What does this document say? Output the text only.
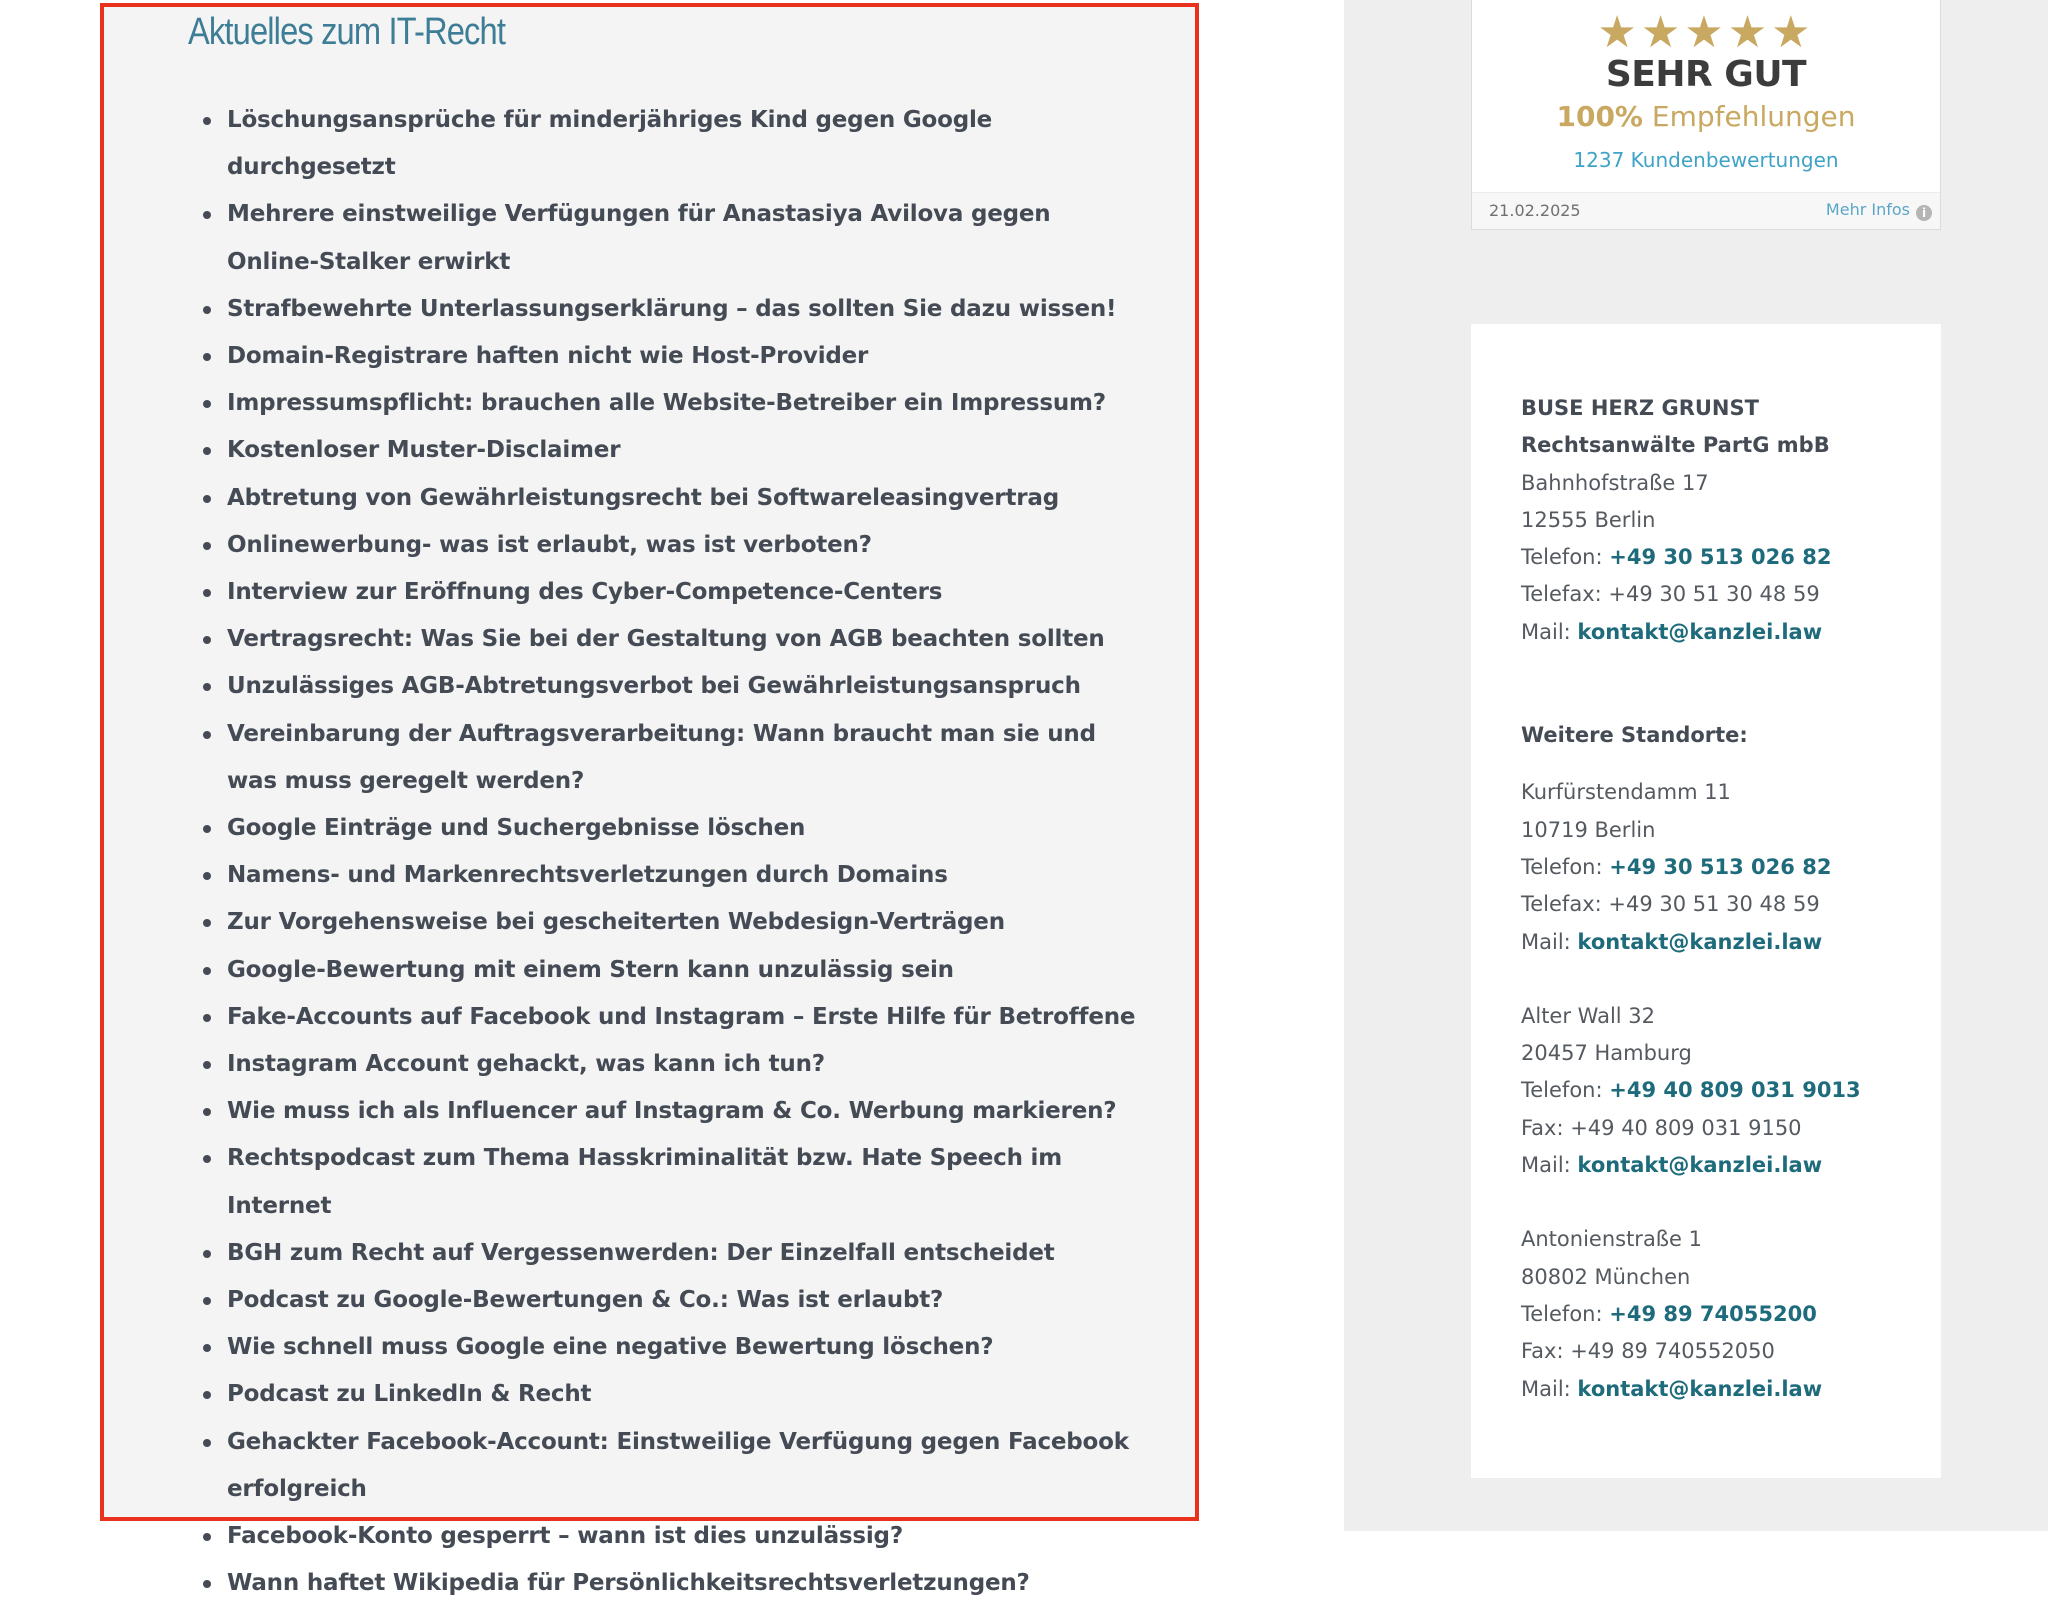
Aktuelles zum IT-Recht
Löschungsansprüche für minderjähriges Kind gegen Google durchgesetzt
Mehrere einstweilige Verfügungen für Anastasiya Avilova gegen Online-Stalker erwirkt
Strafbewehrte Unterlassungserklärung – das sollten Sie dazu wissen!
Domain-Registrare haften nicht wie Host-Provider
Impressumspflicht: brauchen alle Website-Betreiber ein Impressum?
Kostenloser Muster-Disclaimer
Abtretung von Gewährleistungsrecht bei Softwareleasingvertrag
Onlinewerbung- was ist erlaubt, was ist verboten?
Interview zur Eröffnung des Cyber-Competence-Centers
Vertragsrecht: Was Sie bei der Gestaltung von AGB beachten sollten
Unzulässiges AGB-Abtretungsverbot bei Gewährleistungsanspruch
Vereinbarung der Auftragsverarbeitung: Wann braucht man sie und was muss geregelt werden?
Google Einträge und Suchergebnisse löschen
Namens- und Markenrechtsverletzungen durch Domains
Zur Vorgehensweise bei gescheiterten Webdesign-Verträgen
Google-Bewertung mit einem Stern kann unzulässig sein
Fake-Accounts auf Facebook und Instagram – Erste Hilfe für Betroffene
Instagram Account gehackt, was kann ich tun?
Wie muss ich als Influencer auf Instagram & Co. Werbung markieren?
Rechtspodcast zum Thema Hasskriminalität bzw. Hate Speech im Internet
BGH zum Recht auf Vergessenwerden: Der Einzelfall entscheidet
Podcast zu Google-Bewertungen & Co.: Was ist erlaubt?
Wie schnell muss Google eine negative Bewertung löschen?
Podcast zu LinkedIn & Recht
Gehackter Facebook-Account: Einstweilige Verfügung gegen Facebook erfolgreich
Facebook-Konto gesperrt – wann ist dies unzulässig?
Wann haftet Wikipedia für Persönlichkeitsrechtsverletzungen?
★★★★★
SEHR GUT
100% Empfehlungen
1237 Kundenbewertungen
21.02.2025	Mehr Infos i
BUSE HERZ GRUNST
Rechtsanwälte PartG mbB
Bahnhofstraße 17
12555 Berlin
Telefon: +49 30 513 026 82
Telefax: +49 30 51 30 48 59
Mail: kontakt@kanzlei.law
Weitere Standorte:
Kurfürstendamm 11
10719 Berlin
Telefon: +49 30 513 026 82
Telefax: +49 30 51 30 48 59
Mail: kontakt@kanzlei.law
Alter Wall 32
20457 Hamburg
Telefon: +49 40 809 031 9013
Fax: +49 40 809 031 9150
Mail: kontakt@kanzlei.law
Antonienstraße 1
80802 München
Telefon: +49 89 74055200
Fax: +49 89 740552050
Mail: kontakt@kanzlei.law
